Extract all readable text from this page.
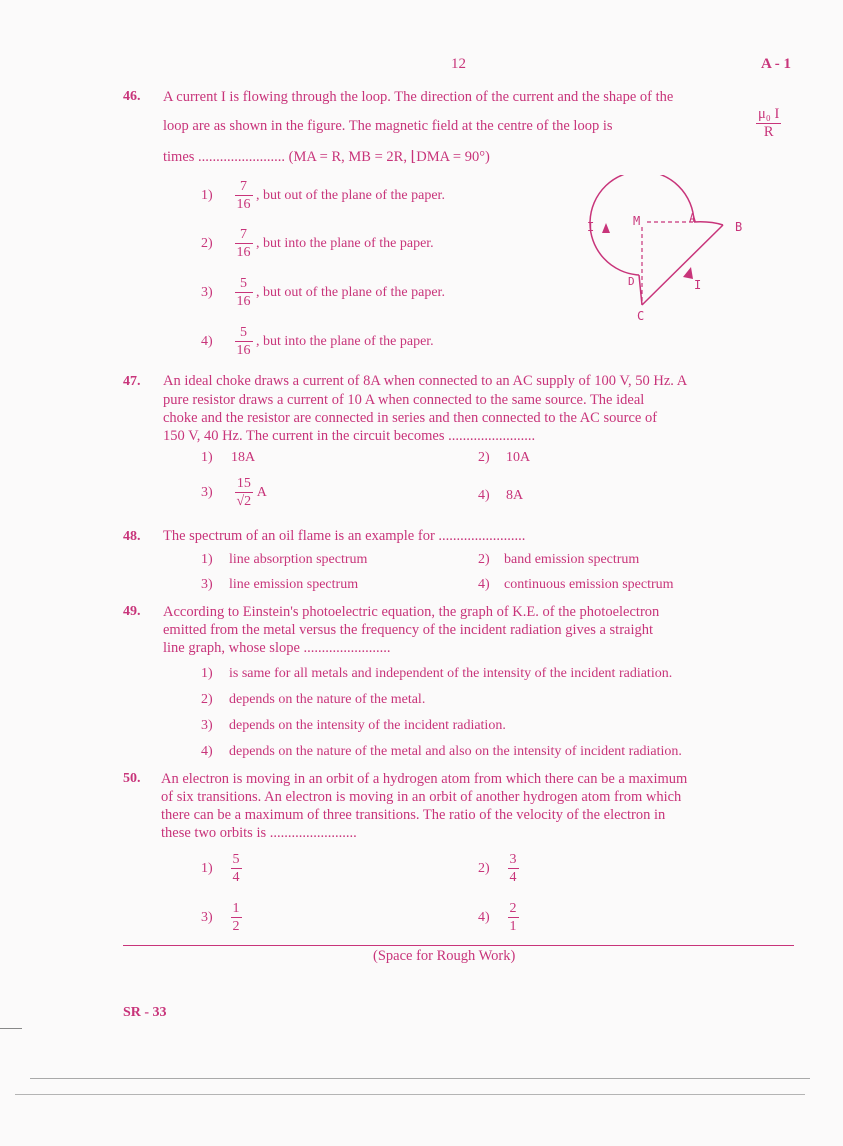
12	A - 1
46. A current I is flowing through the loop. The direction of the current and the shape of the
loop are as shown in the figure. The magnetic field at the centre of the loop is	$\frac{\text{μ₀ I}}{R}$
times ........................ (MA = R, MB = 2R, ⌊DMA = 90°)
$1) \frac{7}{16}$ , but out of the plane of the paper.
$2) \frac{7}{16}$ , but into the plane of the paper.
$3) \frac{5}{16}$ , but out of the plane of the paper.
$4) \frac{5}{16}$ , but into the plane of the paper.
I	M	A
B
D	I
C
47. An ideal choke draws a current of 8A when connected to an AC supply of 100 V, 50 Hz. A
pure resistor draws a current of 10 A when connected to the same source. The ideal
choke and the resistor are connected in series and then connected to the AC source of
150 V, 40 Hz. The current in the circuit becomes ........................
1) 18A	2) 10A
$3) \frac{15}{√2}$ A	4) 8A
48. The spectrum of an oil flame is an example for ........................
1) line absorption spectrum	2) band emission spectrum
3) line emission spectrum	4) continuous emission spectrum
49. According to Einstein's photoelectric equation, the graph of K.E. of the photoelectron
emitted from the metal versus the frequency of the incident radiation gives a straight
line graph, whose slope ........................
1) is same for all metals and independent of the intensity of the incident radiation.
2) depends on the nature of the metal.
3) depends on the intensity of the incident radiation.
4) depends on the nature of the metal and also on the intensity of incident radiation.
50. An electron is moving in an orbit of a hydrogen atom from which there can be a maximum
of six transitions. An electron is moving in an orbit of another hydrogen atom from which
there can be a maximum of three transitions. The ratio of the velocity of the electron in
these two orbits is ........................
$1) \frac{5}{4}$	$2) \frac{3}{4}$
$3) \frac{1}{2}$	$4) \frac{2}{1}$
(Space for Rough Work)
SR - 33
